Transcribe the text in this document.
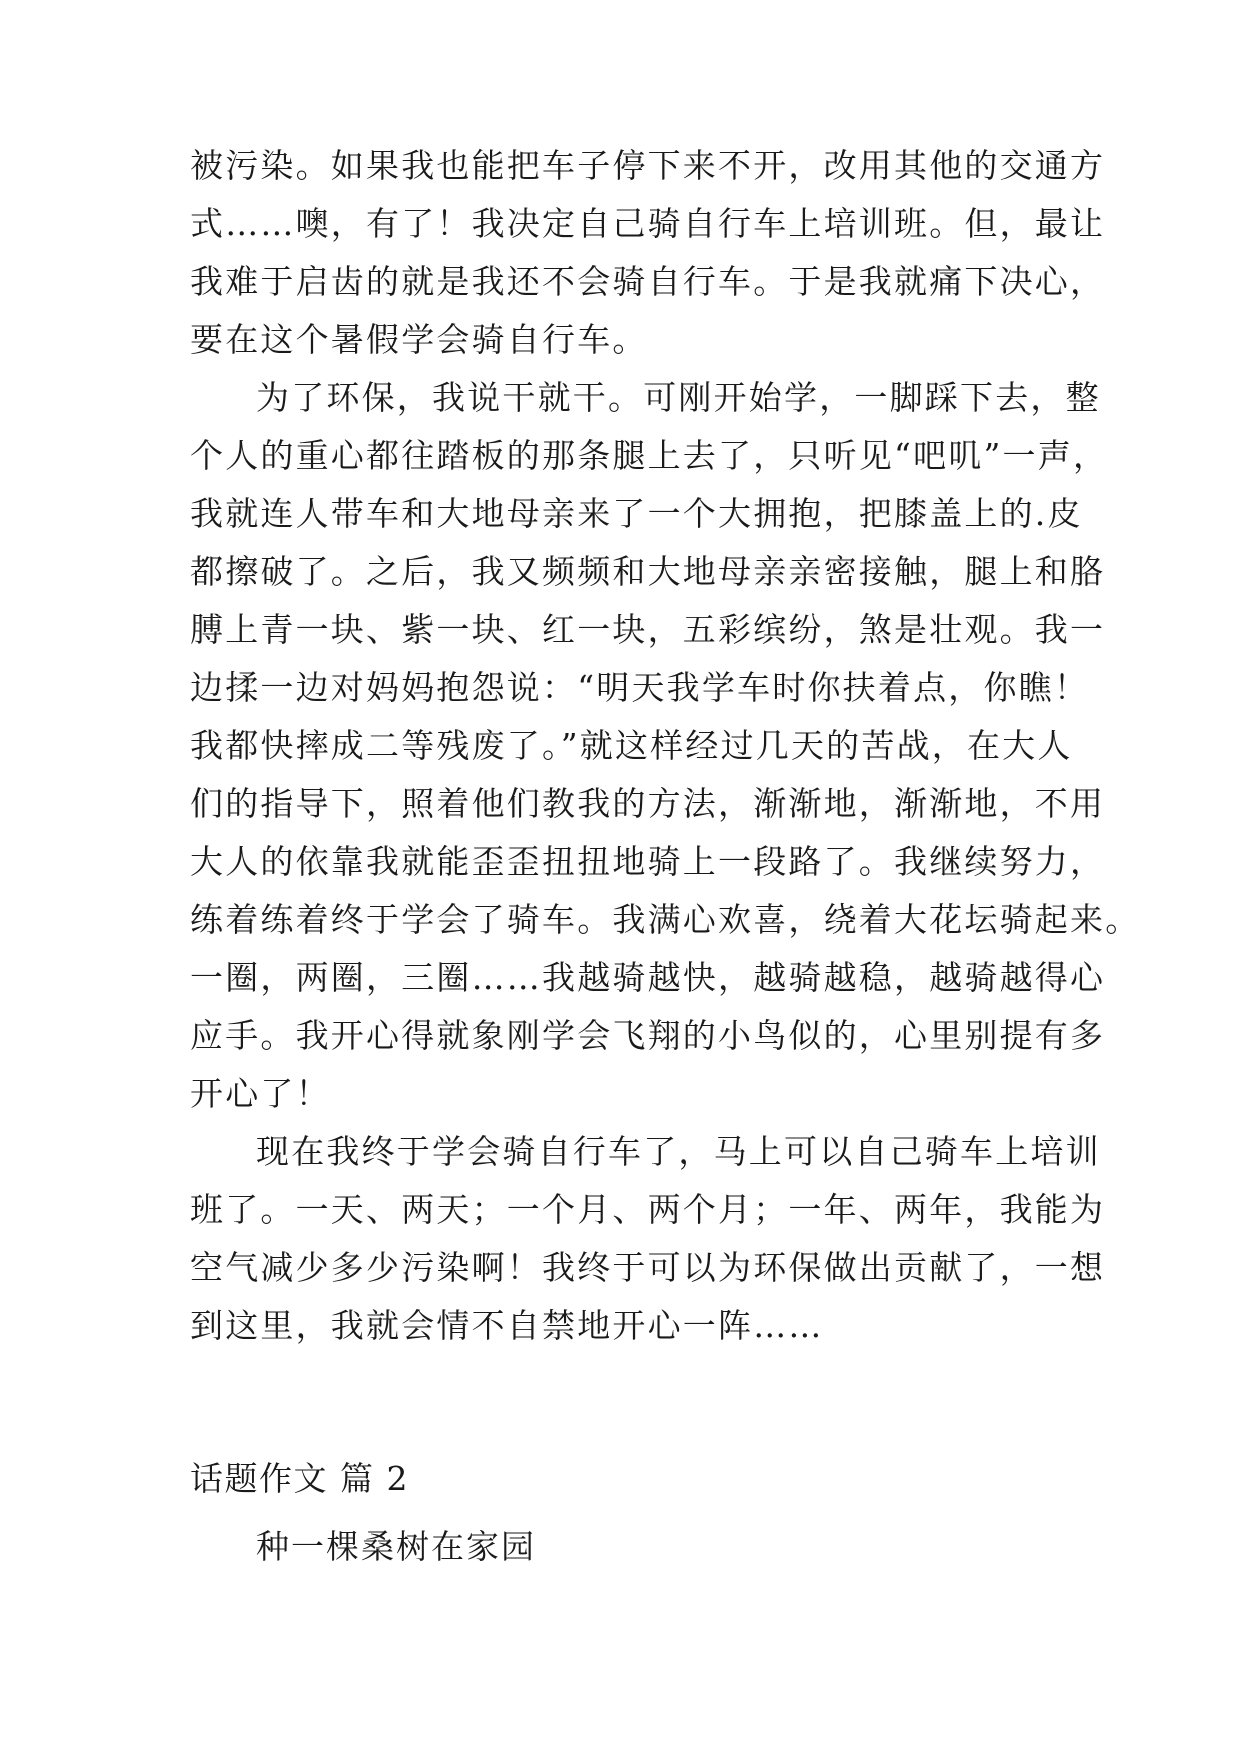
被污染。如果我也能把车子停下来不开，改用其他的交通方
式……噢，有了！我决定自己骑自行车上培训班。但，最让
我难于启齿的就是我还不会骑自行车。于是我就痛下决心，
要在这个暑假学会骑自行车。
为了环保，我说干就干。可刚开始学，一脚踩下去，整
个人的重心都往踏板的那条腿上去了，只听见“吧叽”一声，
我就连人带车和大地母亲来了一个大拥抱，把膝盖上的.皮
都擦破了。之后，我又频频和大地母亲亲密接触，腿上和胳
膊上青一块、紫一块、红一块，五彩缤纷，煞是壮观。我一
边揉一边对妈妈抱怨说：“明天我学车时你扶着点，你瞧！
我都快摔成二等残废了。”就这样经过几天的苦战，在大人
们的指导下，照着他们教我的方法，渐渐地，渐渐地，不用
大人的依靠我就能歪歪扭扭地骑上一段路了。我继续努力，
练着练着终于学会了骑车。我满心欢喜，绕着大花坛骑起来。
一圈，两圈，三圈……我越骑越快，越骑越稳，越骑越得心
应手。我开心得就象刚学会飞翔的小鸟似的，心里别提有多
开心了！
现在我终于学会骑自行车了，马上可以自己骑车上培训
班了。一天、两天；一个月、两个月；一年、两年，我能为
空气减少多少污染啊！我终于可以为环保做出贡献了，一想
到这里，我就会情不自禁地开心一阵……
话题作文 篇 2
种一棵桑树在家园
